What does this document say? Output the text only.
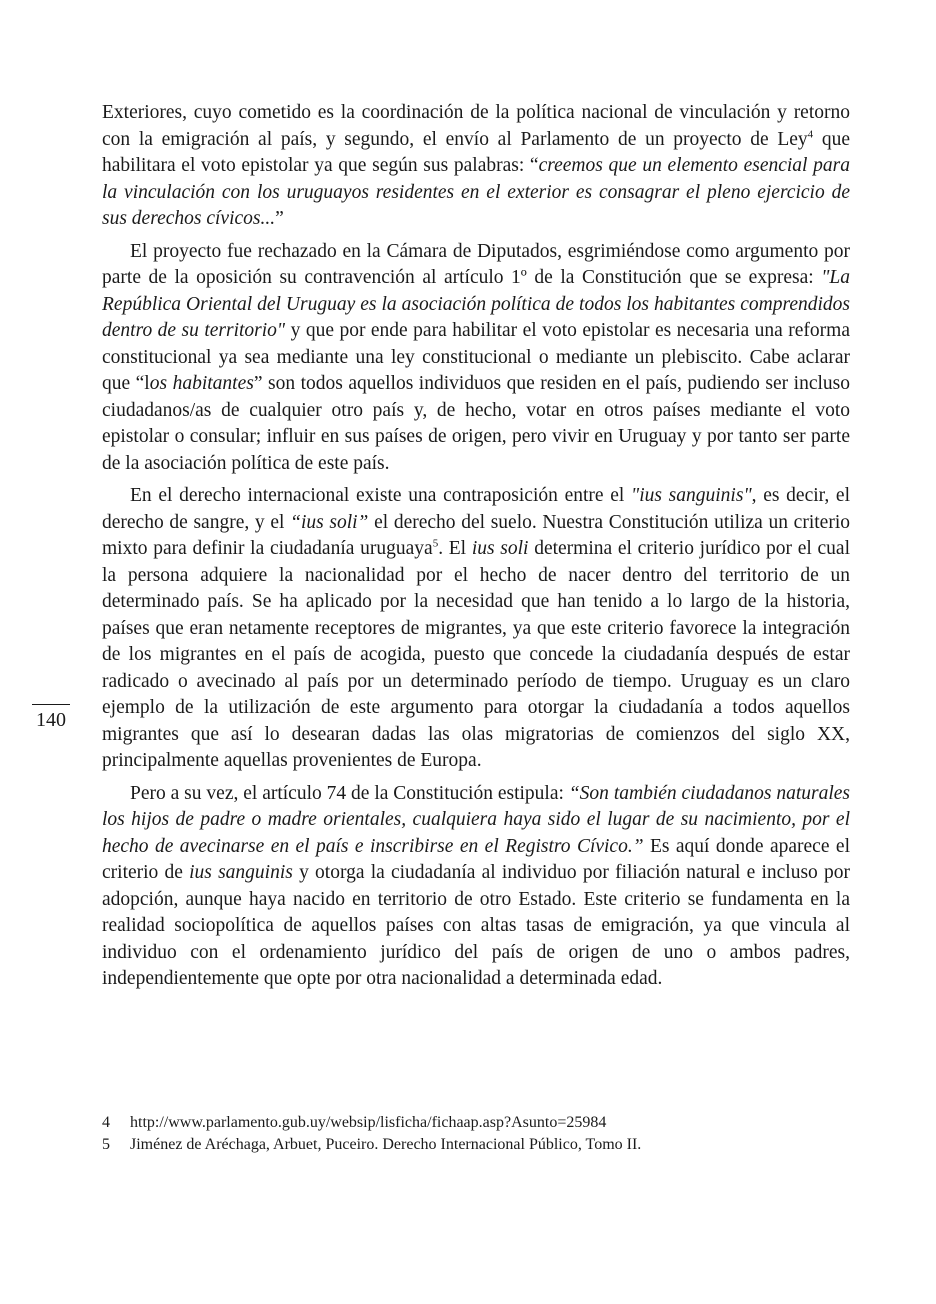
Exteriores, cuyo cometido es la coordinación de la política nacional de vinculación y retorno con la emigración al país, y segundo, el envío al Parlamento de un proyecto de Ley$^4$ que habilitara el voto epistolar ya que según sus palabras: “creemos que un elemento esencial para la vinculación con los uruguayos residentes en el exterior es consagrar el pleno ejercicio de sus derechos cívicos...”

El proyecto fue rechazado en la Cámara de Diputados, esgrimiéndose como argumento por parte de la oposición su contravención al artículo 1º de la Constitución que se expresa: "La República Oriental del Uruguay es la asociación política de todos los habitantes comprendidos dentro de su territorio" y que por ende para habilitar el voto epistolar es necesaria una reforma constitucional ya sea mediante una ley constitucional o mediante un plebiscito. Cabe aclarar que “los habitantes” son todos aquellos individuos que residen en el país, pudiendo ser incluso ciudadanos/as de cualquier otro país y, de hecho, votar en otros países mediante el voto epistolar o consular; influir en sus países de origen, pero vivir en Uruguay y por tanto ser parte de la asociación política de este país.

En el derecho internacional existe una contraposición entre el "ius sanguinis", es decir, el derecho de sangre, y el “ius soli” el derecho del suelo. Nuestra Constitución utiliza un criterio mixto para definir la ciudadanía uruguaya$^5$. El ius soli determina el criterio jurídico por el cual la persona adquiere la nacionalidad por el hecho de nacer dentro del territorio de un determinado país. Se ha aplicado por la necesidad que han tenido a lo largo de la historia, países que eran netamente receptores de migrantes, ya que este criterio favorece la integración de los migrantes en el país de acogida, puesto que concede la ciudadanía después de estar radicado o avecinado al país por un determinado período de tiempo. Uruguay es un claro ejemplo de la utilización de este argumento para otorgar la ciudadanía a todos aquellos migrantes que así lo desearan dadas las olas migratorias de comienzos del siglo XX, principalmente aquellas provenientes de Europa.

Pero a su vez, el artículo 74 de la Constitución estipula: “Son también ciudadanos naturales los hijos de padre o madre orientales, cualquiera haya sido el lugar de su nacimiento, por el hecho de avecinarse en el país e inscribirse en el Registro Cívico.” Es aquí donde aparece el criterio de ius sanguinis y otorga la ciudadanía al individuo por filiación natural e incluso por adopción, aunque haya nacido en territorio de otro Estado. Este criterio se fundamenta en la realidad sociopolítica de aquellos países con altas tasas de emigración, ya que vincula al individuo con el ordenamiento jurídico del país de origen de uno o ambos padres, independientemente que opte por otra nacionalidad a determinada edad.

140
4	http://www.parlamento.gub.uy/websip/lisficha/fichaap.asp?Asunto=25984
5	Jiménez de Aréchaga, Arbuet, Puceiro. Derecho Internacional Público, Tomo II.
